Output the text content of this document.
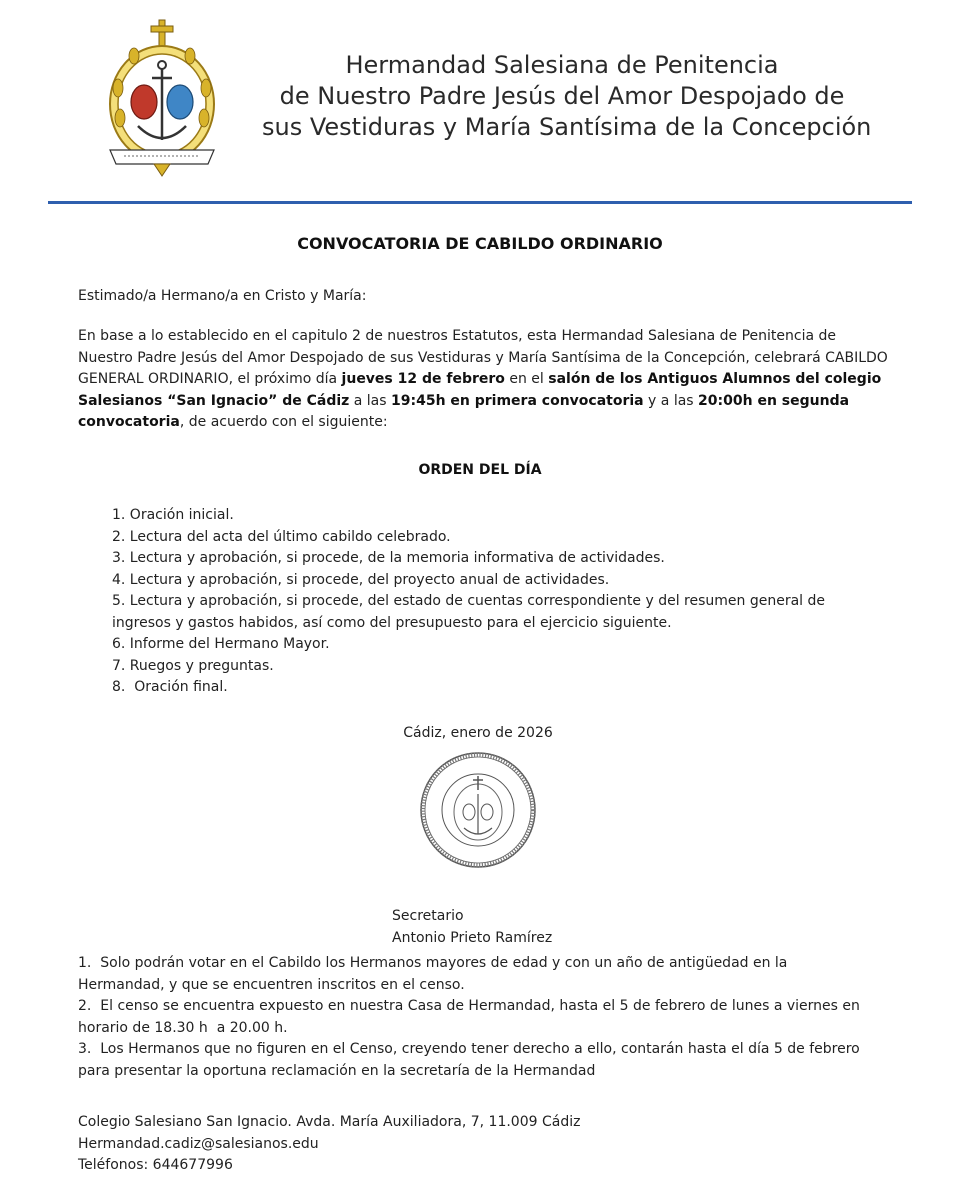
Hermandad Salesiana de Penitencia
de Nuestro Padre Jesús del Amor Despojado de
sus Vestiduras y María Santísima de la Concepción
CONVOCATORIA DE CABILDO ORDINARIO
Estimado/a Hermano/a en Cristo y María:
En base a lo establecido en el capitulo 2 de nuestros Estatutos, esta Hermandad Salesiana de Penitencia de Nuestro Padre Jesús del Amor Despojado de sus Vestiduras y María Santísima de la Concepción, celebrará CABILDO GENERAL ORDINARIO, el próximo día jueves 12 de febrero en el salón de los Antiguos Alumnos del colegio Salesianos “San Ignacio” de Cádiz a las 19:45h en primera convocatoria y a las 20:00h en segunda convocatoria, de acuerdo con el siguiente:
ORDEN DEL DÍA
1. Oración inicial.
2. Lectura del acta del último cabildo celebrado.
3. Lectura y aprobación, si procede, de la memoria informativa de actividades.
4. Lectura y aprobación, si procede, del proyecto anual de actividades.
5. Lectura y aprobación, si procede, del estado de cuentas correspondiente y del resumen general de ingresos y gastos habidos, así como del presupuesto para el ejercicio siguiente.
6. Informe del Hermano Mayor.
7. Ruegos y preguntas.
8.  Oración final.
Cádiz, enero de 2026
Secretario
Antonio Prieto Ramírez

1.  Solo podrán votar en el Cabildo los Hermanos mayores de edad y con un año de antigüedad en la Hermandad, y que se encuentren inscritos en el censo.

2.  El censo se encuentra expuesto en nuestra Casa de Hermandad, hasta el 5 de febrero de lunes a viernes en horario de 18.30 h  a 20.00 h.

3.  Los Hermanos que no figuren en el Censo, creyendo tener derecho a ello, contarán hasta el día 5 de febrero para presentar la oportuna reclamación en la secretaría de la Hermandad

Colegio Salesiano San Ignacio. Avda. María Auxiliadora, 7, 11.009 Cádiz
Hermandad.cadiz@salesianos.edu
Teléfonos: 644677996
